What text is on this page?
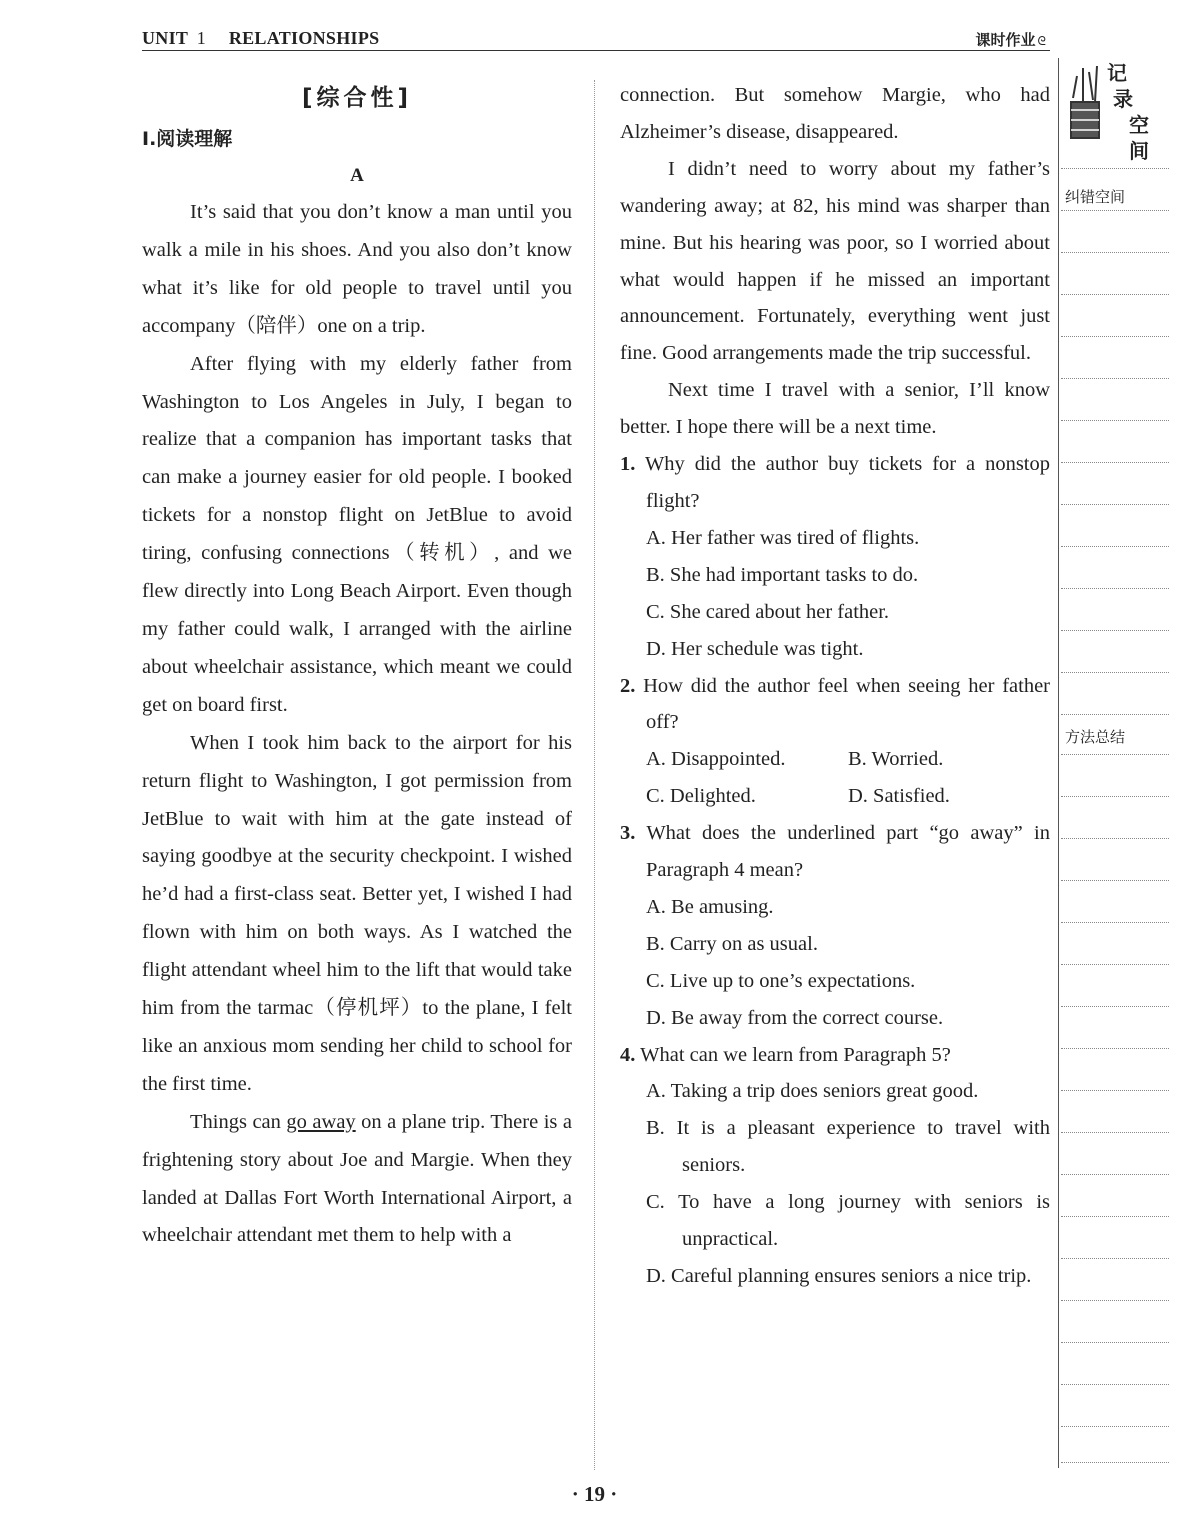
UNIT 1 RELATIONSHIPS	课时作业 ᘓ
[综合性]
Ⅰ.阅读理解
A

It’s said that you don’t know a man until you walk a mile in his shoes. And you also don’t know what it’s like for old people to travel until you accompany（陪伴）one on a trip.

After flying with my elderly father from Washington to Los Angeles in July, I began to realize that a companion has important tasks that can make a journey easier for old people. I booked tickets for a nonstop flight on JetBlue to avoid tiring, confusing connections（转机）, and we flew directly into Long Beach Airport. Even though my father could walk, I arranged with the airline about wheelchair assistance, which meant we could get on board first.

When I took him back to the airport for his return flight to Washington, I got permission from JetBlue to wait with him at the gate instead of saying goodbye at the security checkpoint. I wished he’d had a first-class seat. Better yet, I wished I had flown with him on both ways. As I watched the flight attendant wheel him to the lift that would take him from the tarmac（停机坪）to the plane, I felt like an anxious mom sending her child to school for the first time.

Things can go away on a plane trip. There is a frightening story about Joe and Margie. When they landed at Dallas Fort Worth International Airport, a wheelchair attendant met them to help with a

connection. But somehow Margie, who had Alzheimer’s disease, disappeared.

I didn’t need to worry about my father’s wandering away; at 82, his mind was sharper than mine. But his hearing was poor, so I worried about what would happen if he missed an important announcement. Fortunately, everything went just fine. Good arrangements made the trip successful.

Next time I travel with a senior, I’ll know better. I hope there will be a next time.

1. Why did the author buy tickets for a nonstop flight?
A. Her father was tired of flights.
B. She had important tasks to do.
C. She cared about her father.
D. Her schedule was tight.
2. How did the author feel when seeing her father off?
A. Disappointed.	B. Worried.
C. Delighted.	D. Satisfied.
3. What does the underlined part “go away” in Paragraph 4 mean?
A. Be amusing.
B. Carry on as usual.
C. Live up to one’s expectations.
D. Be away from the correct course.
4. What can we learn from Paragraph 5?
A. Taking a trip does seniors great good.
B. It is a pleasant experience to travel with seniors.
C. To have a long journey with seniors is unpractical.
D. Careful planning ensures seniors a nice trip.
记
录
空
间
纠错空间
方法总结
· 19 ·
